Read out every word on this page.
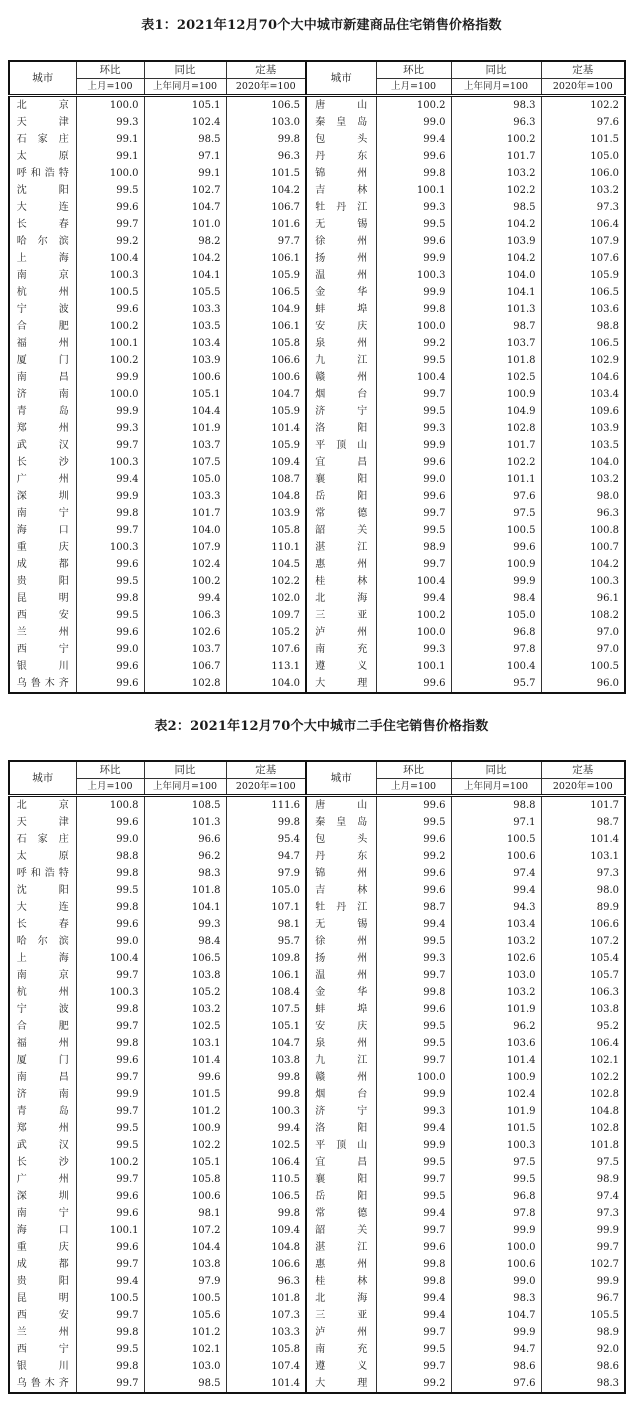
表1：2021年12月70个大中城市新建商品住宅销售价格指数
城市	环比	同比	定基	城市	环比	同比	定基
	上月=100	上年同月=100	2020年=100		上月=100	上年同月=100	2020年=100
北京	100.0	105.1	106.5	唐山	100.2	98.3	102.2
天津	99.3	102.4	103.0	秦皇岛	99.0	96.3	97.6
石家庄	99.1	98.5	99.8	包头	99.4	100.2	101.5
太原	99.1	97.1	96.3	丹东	99.6	101.7	105.0
呼和浩特	100.0	99.1	101.5	锦州	99.8	103.2	106.0
沈阳	99.5	102.7	104.2	吉林	100.1	102.2	103.2
大连	99.6	104.7	106.7	牡丹江	99.3	98.5	97.3
长春	99.7	101.0	101.6	无锡	99.5	104.2	106.4
哈尔滨	99.2	98.2	97.7	徐州	99.6	103.9	107.9
上海	100.4	104.2	106.1	扬州	99.9	104.2	107.6
南京	100.3	104.1	105.9	温州	100.3	104.0	105.9
杭州	100.5	105.5	106.5	金华	99.9	104.1	106.5
宁波	99.6	103.3	104.9	蚌埠	99.8	101.3	103.6
合肥	100.2	103.5	106.1	安庆	100.0	98.7	98.8
福州	100.1	103.4	105.8	泉州	99.2	103.7	106.5
厦门	100.2	103.9	106.6	九江	99.5	101.8	102.9
南昌	99.9	100.6	100.6	赣州	100.4	102.5	104.6
济南	100.0	105.1	104.7	烟台	99.7	100.9	103.4
青岛	99.9	104.4	105.9	济宁	99.5	104.9	109.6
郑州	99.3	101.9	101.4	洛阳	99.3	102.8	103.9
武汉	99.7	103.7	105.9	平顶山	99.9	101.7	103.5
长沙	100.3	107.5	109.4	宜昌	99.6	102.2	104.0
广州	99.4	105.0	108.7	襄阳	99.0	101.1	103.2
深圳	99.9	103.3	104.8	岳阳	99.6	97.6	98.0
南宁	99.8	101.7	103.9	常德	99.7	97.5	96.3
海口	99.7	104.0	105.8	韶关	99.5	100.5	100.8
重庆	100.3	107.9	110.1	湛江	98.9	99.6	100.7
成都	99.6	102.4	104.5	惠州	99.7	100.9	104.2
贵阳	99.5	100.2	102.2	桂林	100.4	99.9	100.3
昆明	99.8	99.4	102.0	北海	99.4	98.4	96.1
西安	99.5	106.3	109.7	三亚	100.2	105.0	108.2
兰州	99.6	102.6	105.2	泸州	100.0	96.8	97.0
西宁	99.0	103.7	107.6	南充	99.3	97.8	97.0
银川	99.6	106.7	113.1	遵义	100.1	100.4	100.5
乌鲁木齐	99.6	102.8	104.0	大理	99.6	95.7	96.0
表2：2021年12月70个大中城市二手住宅销售价格指数
城市	环比	同比	定基	城市	环比	同比	定基
	上月=100	上年同月=100	2020年=100		上月=100	上年同月=100	2020年=100
北京	100.8	108.5	111.6	唐山	99.6	98.8	101.7
天津	99.6	101.3	99.8	秦皇岛	99.5	97.1	98.7
石家庄	99.0	96.6	95.4	包头	99.6	100.5	101.4
太原	98.8	96.2	94.7	丹东	99.2	100.6	103.1
呼和浩特	99.8	98.3	97.9	锦州	99.6	97.4	97.3
沈阳	99.5	101.8	105.0	吉林	99.6	99.4	98.0
大连	99.8	104.1	107.1	牡丹江	98.7	94.3	89.9
长春	99.6	99.3	98.1	无锡	99.4	103.4	106.6
哈尔滨	99.0	98.4	95.7	徐州	99.5	103.2	107.2
上海	100.4	106.5	109.8	扬州	99.3	102.6	105.4
南京	99.7	103.8	106.1	温州	99.7	103.0	105.7
杭州	100.3	105.2	108.4	金华	99.8	103.2	106.3
宁波	99.8	103.2	107.5	蚌埠	99.6	101.9	103.8
合肥	99.7	102.5	105.1	安庆	99.5	96.2	95.2
福州	99.8	103.1	104.7	泉州	99.5	103.6	106.4
厦门	99.6	101.4	103.8	九江	99.7	101.4	102.1
南昌	99.7	99.6	99.8	赣州	100.0	100.9	102.2
济南	99.9	101.5	99.8	烟台	99.9	102.4	102.8
青岛	99.7	101.2	100.3	济宁	99.3	101.9	104.8
郑州	99.5	100.9	99.4	洛阳	99.4	101.5	102.8
武汉	99.5	102.2	102.5	平顶山	99.9	100.3	101.8
长沙	100.2	105.1	106.4	宜昌	99.5	97.5	97.5
广州	99.7	105.8	110.5	襄阳	99.7	99.5	98.9
深圳	99.6	100.6	106.5	岳阳	99.5	96.8	97.4
南宁	99.6	98.1	99.8	常德	99.4	97.8	97.3
海口	100.1	107.2	109.4	韶关	99.7	99.9	99.9
重庆	99.6	104.4	104.8	湛江	99.6	100.0	99.7
成都	99.7	103.8	106.6	惠州	99.8	100.6	102.7
贵阳	99.4	97.9	96.3	桂林	99.8	99.0	99.9
昆明	100.5	100.5	101.8	北海	99.4	98.3	96.7
西安	99.7	105.6	107.3	三亚	99.4	104.7	105.5
兰州	99.8	101.2	103.3	泸州	99.7	99.9	98.9
西宁	99.5	102.1	105.8	南充	99.5	94.7	92.0
银川	99.8	103.0	107.4	遵义	99.7	98.6	98.6
乌鲁木齐	99.7	98.5	101.4	大理	99.2	97.6	98.3
